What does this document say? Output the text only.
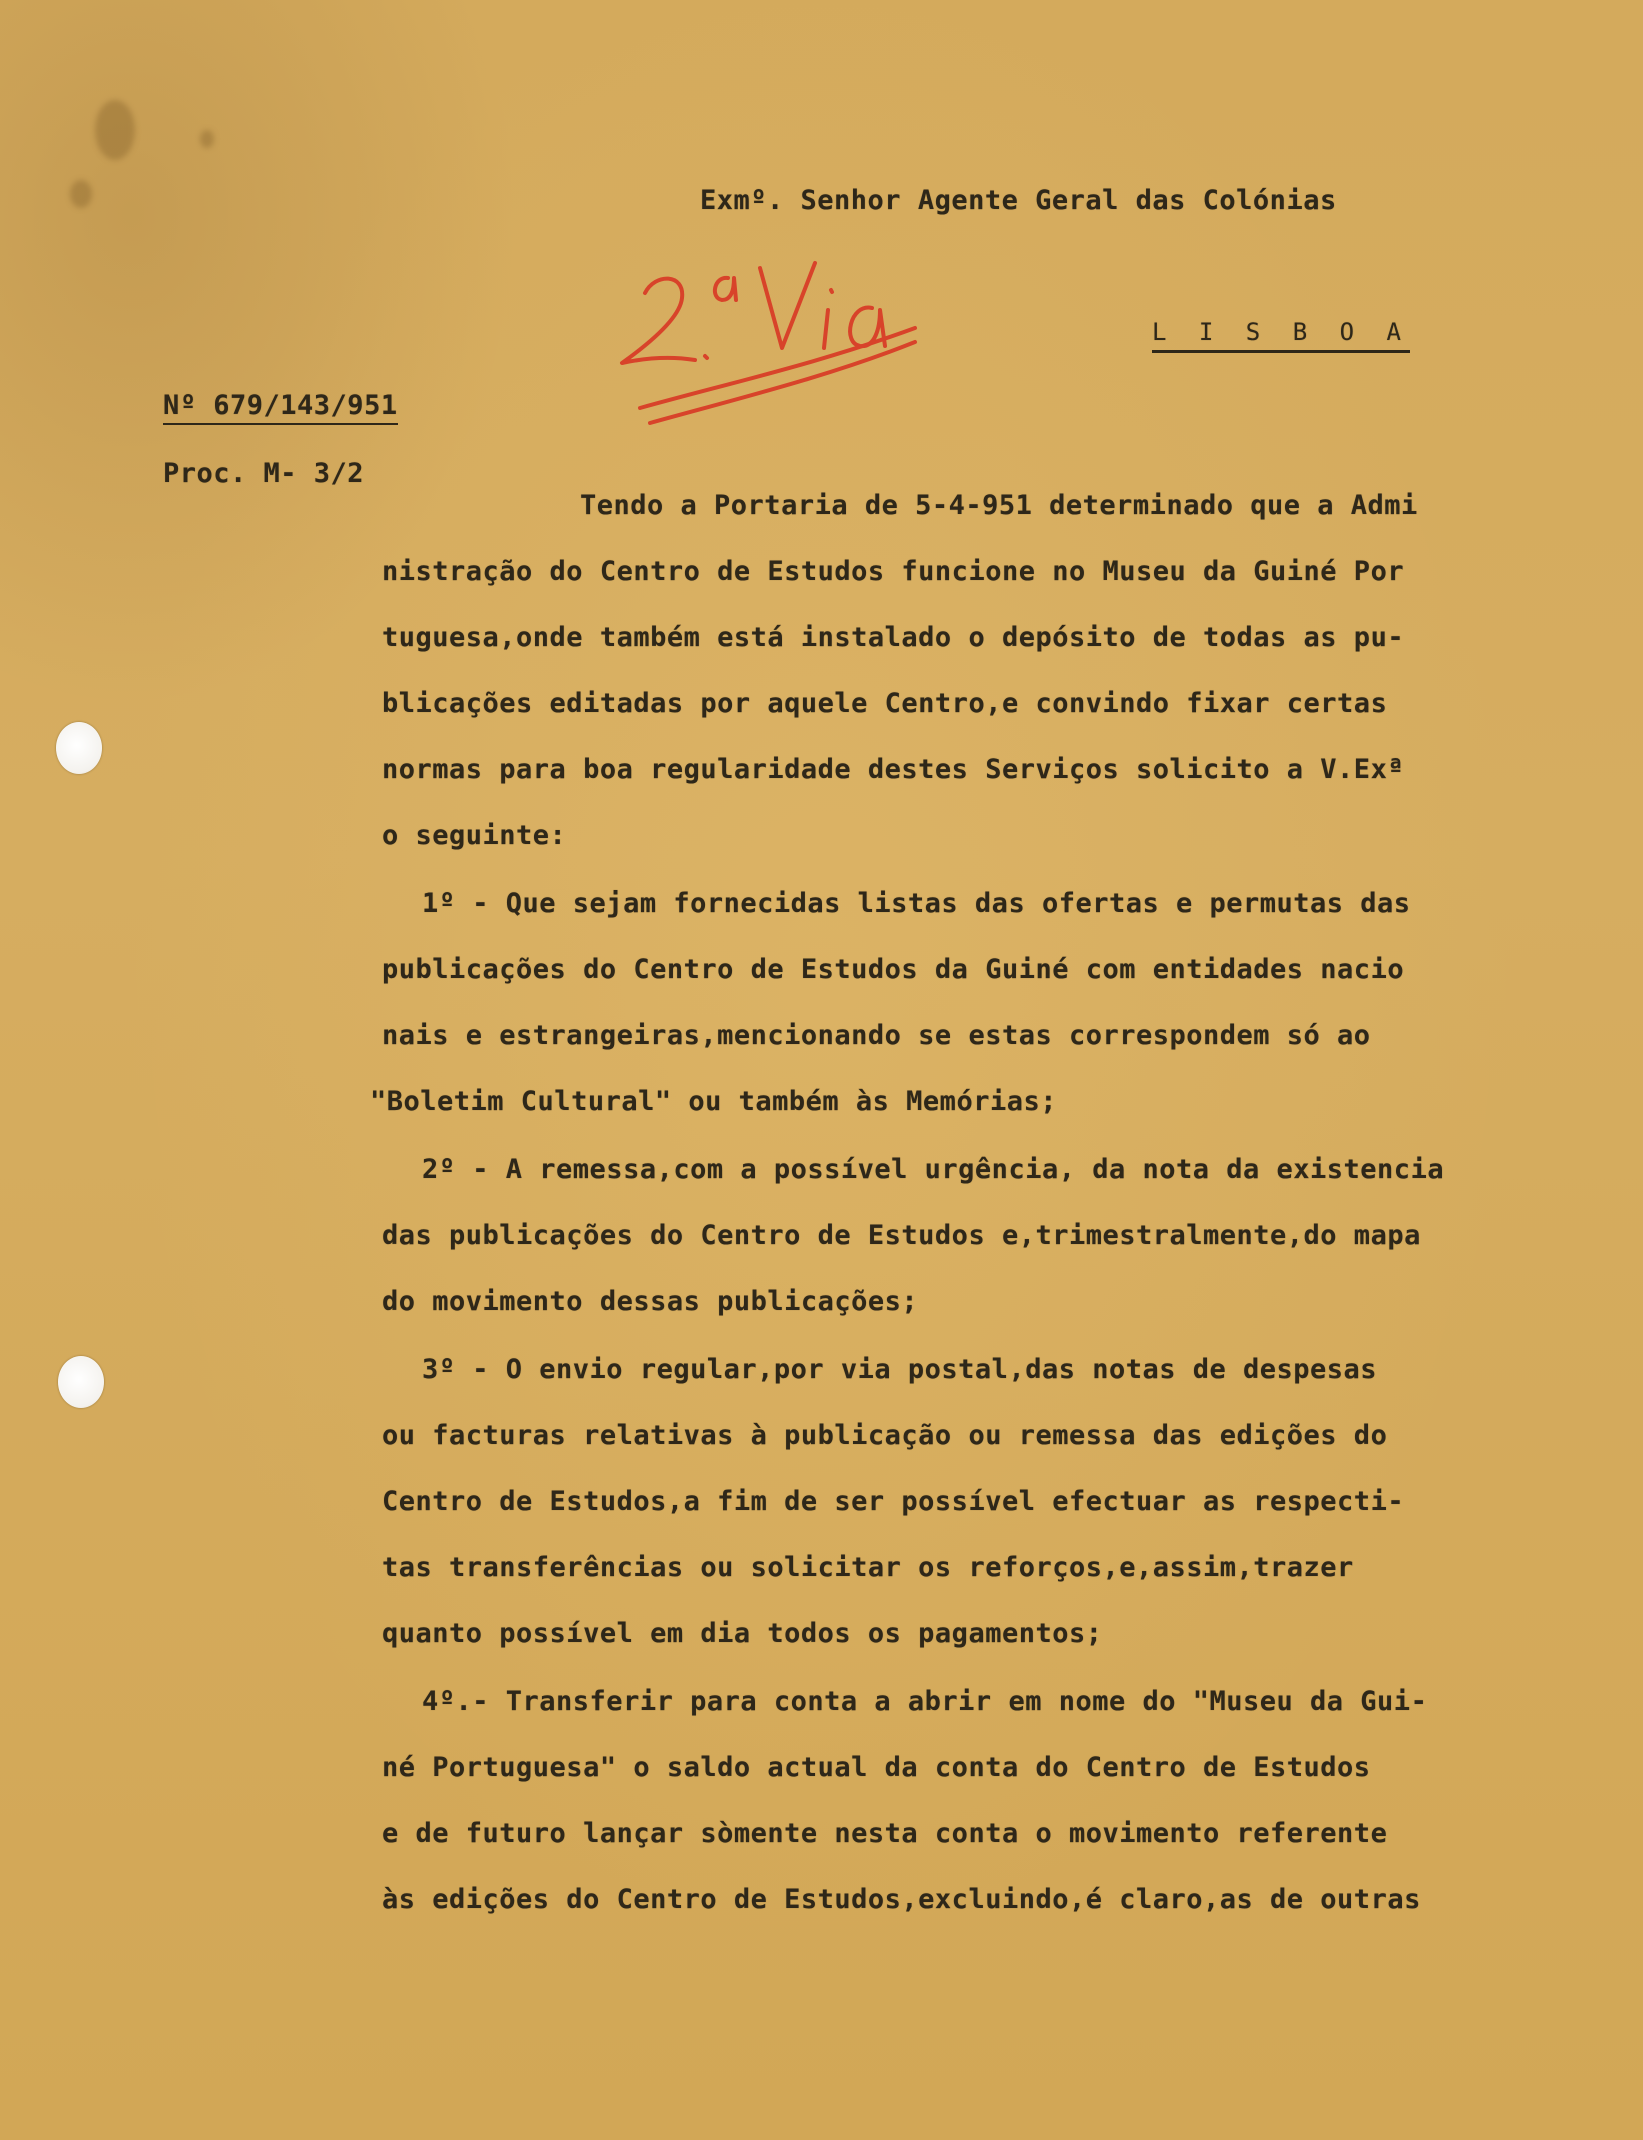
Exmº. Senhor Agente Geral das Colónias

L I S B O A

Nº 679/143/951

Proc. M- 3/2

Tendo a Portaria de 5-4-951 determinado que a Admi

nistração do Centro de Estudos funcione no Museu da Guiné Por

tuguesa,onde também está instalado o depósito de todas as pu-

blicações editadas por aquele Centro,e convindo fixar certas

normas para boa regularidade destes Serviços solicito a V.Exª

o seguinte:

1º - Que sejam fornecidas listas das ofertas e permutas das

publicações do Centro de Estudos da Guiné com entidades nacio

nais e estrangeiras,mencionando se estas correspondem só ao

"Boletim Cultural" ou também às Memórias;

2º - A remessa,com a possível urgência, da nota da existencia

das publicações do Centro de Estudos e,trimestralmente,do mapa

do movimento dessas publicações;

3º - O envio regular,por via postal,das notas de despesas

ou facturas relativas à publicação ou remessa das edições do

Centro de Estudos,a fim de ser possível efectuar as respecti-

tas transferências ou solicitar os reforços,e,assim,trazer

quanto possível em dia todos os pagamentos;

4º.- Transferir para conta a abrir em nome do "Museu da Gui-

né Portuguesa" o saldo actual da conta do Centro de Estudos

e de futuro lançar sòmente nesta conta o movimento referente

às edições do Centro de Estudos,excluindo,é claro,as de outras
